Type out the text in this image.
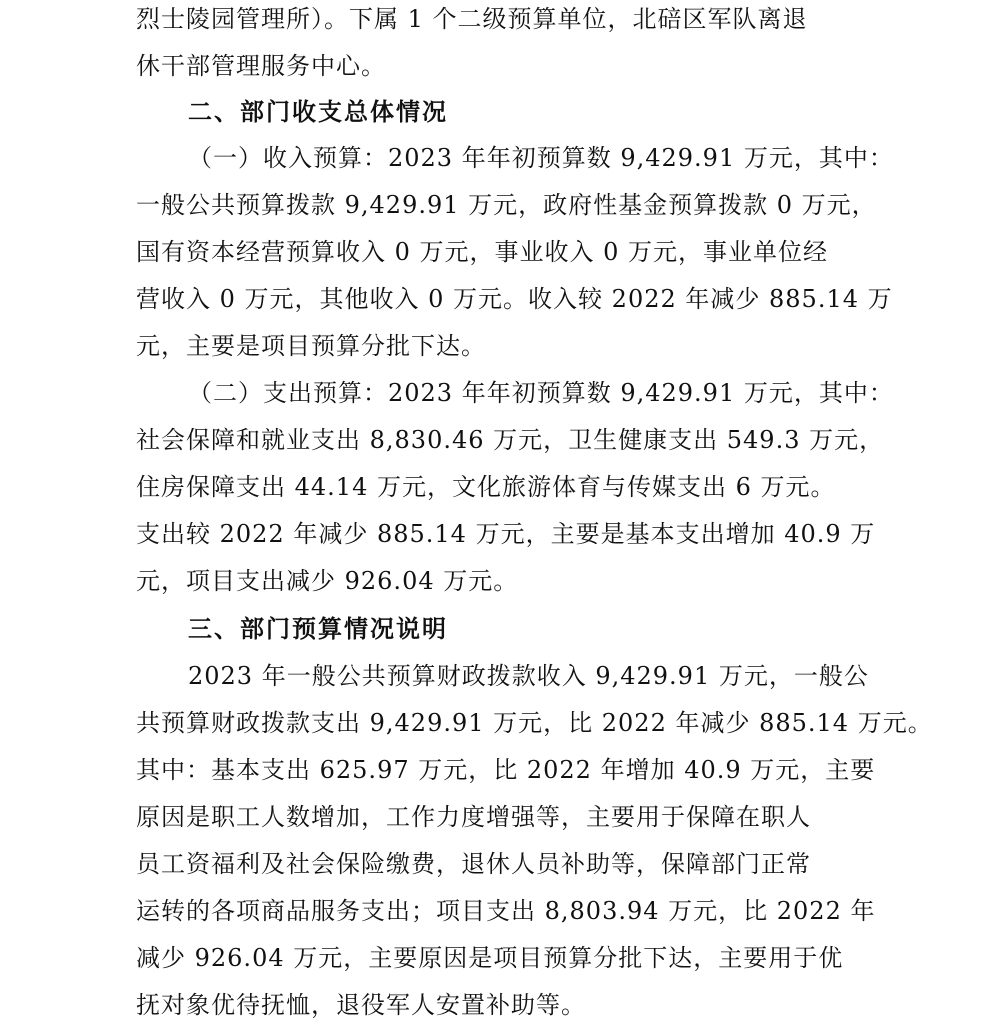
烈士陵园管理所）。下属 1 个二级预算单位，北碚区军队离退
休干部管理服务中心。
二、部门收支总体情况
（一）收入预算：2023 年年初预算数 9,429.91 万元，其中：
一般公共预算拨款 9,429.91 万元，政府性基金预算拨款 0 万元，
国有资本经营预算收入 0 万元，事业收入 0 万元，事业单位经
营收入 0 万元，其他收入 0 万元。收入较 2022 年减少 885.14 万
元，主要是项目预算分批下达。
（二）支出预算：2023 年年初预算数 9,429.91 万元，其中：
社会保障和就业支出 8,830.46 万元，卫生健康支出 549.3 万元，
住房保障支出 44.14 万元，文化旅游体育与传媒支出 6 万元。
支出较 2022 年减少 885.14 万元，主要是基本支出增加 40.9 万
元，项目支出减少 926.04 万元。
三、部门预算情况说明
2023 年一般公共预算财政拨款收入 9,429.91 万元，一般公
共预算财政拨款支出 9,429.91 万元，比 2022 年减少 885.14 万元。
其中：基本支出 625.97 万元，比 2022 年增加 40.9 万元，主要
原因是职工人数增加，工作力度增强等，主要用于保障在职人
员工资福利及社会保险缴费，退休人员补助等，保障部门正常
运转的各项商品服务支出；项目支出 8,803.94 万元，比 2022 年
减少 926.04 万元，主要原因是项目预算分批下达，主要用于优
抚对象优待抚恤，退役军人安置补助等。
